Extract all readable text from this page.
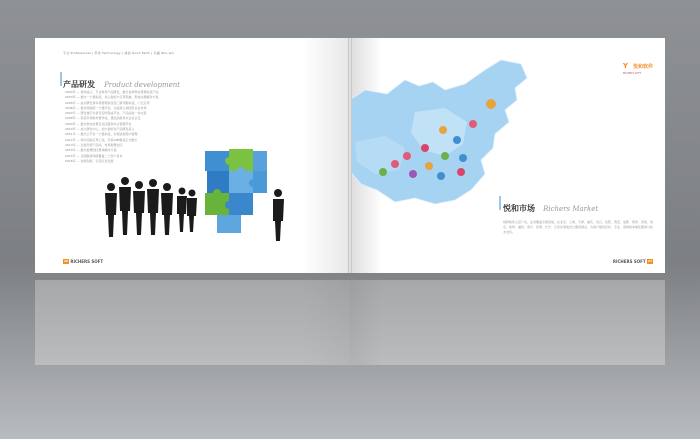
专业 Professional | 科技 Technology | 诚信 Good Faith | 共赢 Win-win
产品研发 Product development
2000年 — 悦和成立，专业软件产品研发，推出首款物业管理系统产品
2003年 — 推出一卡通系统，进入智能卡应用领域，形成完整解决方案
2005年 — 成功研发停车场管理系统及门禁考勤系统，广泛应用
2006年 — 推出网络版一卡通平台，全面进入校园及企业市场
2007年 — 研发楼宇对讲及安防集成平台，产品线进一步完善
2008年 — 荣获多项软件著作权，通过高新技术企业认定
2009年 — 推出物业收费及社区服务综合管理平台
2010年 — 成立研发中心，加大智能化产品研发投入
2011年 — 推出云平台一卡通系统，实现远程集中管理
2012年 — 移动互联应用上线，手机APP服务正式推出
2013年 — 全面升级产品线，布局智慧社区
2014年 — 推出智慧园区整体解决方案
2015年 — 全国服务网络覆盖二十余个省市
2016年 — 持续创新，引领行业发展
26 RICHERS SOFT
Y 悦和软件
RICHERS SOFT
悦和市场 Richers Market

悦和软件立足广东，业务覆盖全国各地，在北京、上海、天津、重庆、武汉、沈阳、西安、成都、郑州、济南、南京、杭州、福州、南宁、昆明、长沙、石家庄等地设立服务网点，为客户提供及时、专业、高效的本地化服务与技术支持。

RICHERS SOFT 27
